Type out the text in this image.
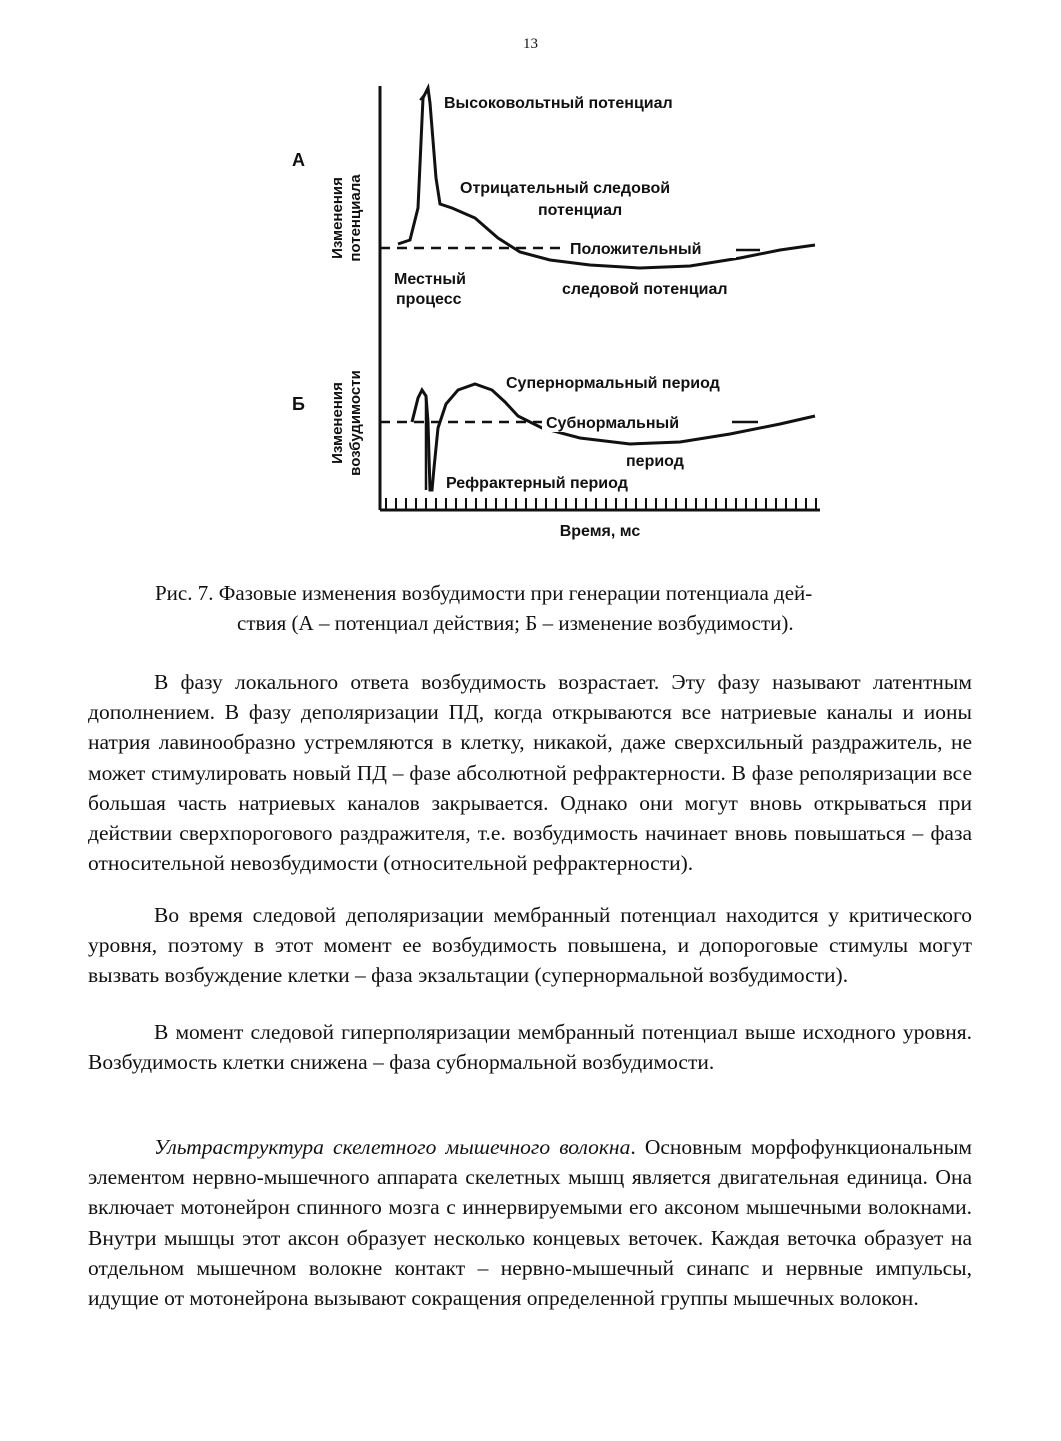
13
А
Б
Изменения потенциала
Изменения возбудимости
Высоковольтный потенциал
Отрицательный следовой
потенциал
Положительный
следовой потенциал
Местный
процесс
Супернормальный период
Субнормальный
период
Рефрактерный период
Время, мс
Рис. 7. Фазовые изменения возбудимости при генерации потенциала дей-
ствия (А – потенциал действия; Б – изменение возбудимости).

В фазу локального ответа возбудимость возрастает. Эту фазу называют латентным дополнением. В фазу деполяризации ПД, когда открываются все натриевые каналы и ионы натрия лавинообразно устремляются в клетку, никакой, даже сверхсильный раздражитель, не может стимулировать новый ПД – фазе абсолютной рефрактерности. В фазе реполяризации все большая часть натриевых каналов закрывается. Однако они могут вновь открываться при действии сверхпорогового раздражителя, т.е. возбудимость начинает вновь повышаться – фаза относительной невозбудимости (относительной рефрактерности).

Во время следовой деполяризации мембранный потенциал находится у критического уровня, поэтому в этот момент ее возбудимость повышена, и допороговые стимулы могут вызвать возбуждение клетки – фаза экзальтации (супернормальной возбудимости).

В момент следовой гиперполяризации мембранный потенциал выше исходного уровня. Возбудимость клетки снижена – фаза субнормальной возбудимости.

Ультраструктура скелетного мышечного волокна. Основным морфофункциональным элементом нервно-мышечного аппарата скелетных мышц является двигательная единица. Она включает мотонейрон спинного мозга с иннервируемыми его аксоном мышечными волокнами. Внутри мышцы этот аксон образует несколько концевых веточек. Каждая веточка образует на отдельном мышечном волокне контакт – нервно-мышечный синапс и нервные импульсы, идущие от мотонейрона вызывают сокращения определенной группы мышечных волокон.
